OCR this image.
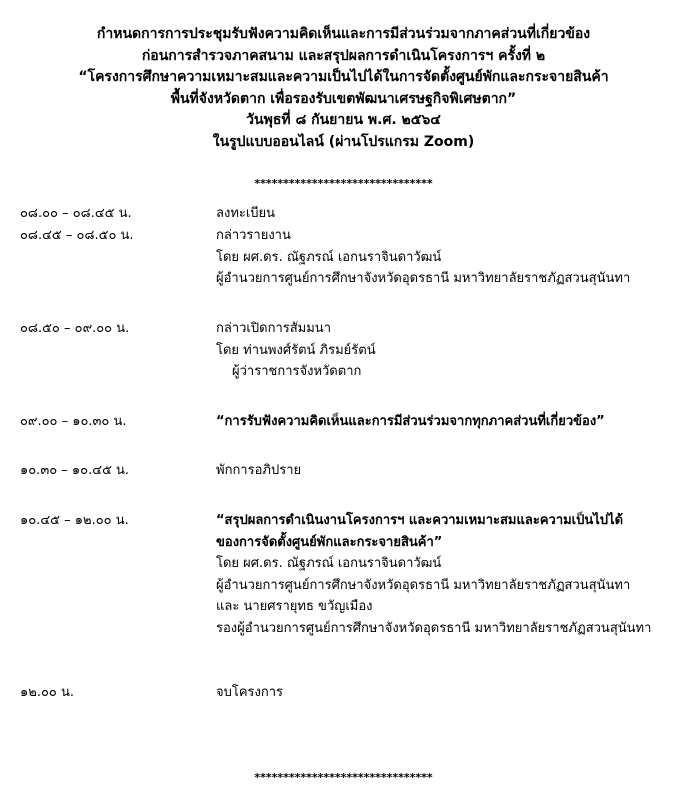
กำหนดการการประชุมรับฟังความคิดเห็นและการมีส่วนร่วมจากภาคส่วนที่เกี่ยวข้อง
ก่อนการสำรวจภาคสนาม และสรุปผลการดำเนินโครงการฯ ครั้งที่ ๒
“โครงการศึกษาความเหมาะสมและความเป็นไปได้ในการจัดตั้งศูนย์พักและกระจายสินค้า
พื้นที่จังหวัดตาก เพื่อรองรับเขตพัฒนาเศรษฐกิจพิเศษตาก”
วันพุธที่ ๘ กันยายน พ.ศ. ๒๕๖๔
ในรูปแบบออนไลน์ (ผ่านโปรแกรม Zoom)
*******************************
๐๘.๐๐ – ๐๘.๔๕ น.	ลงทะเบียน
๐๘.๔๕ – ๐๘.๕๐ น.	กล่าวรายงาน
โดย ผศ.ดร. ณัฐภรณ์ เอกนราจินดาวัฒน์
ผู้อำนวยการศูนย์การศึกษาจังหวัดอุดรธานี มหาวิทยาลัยราชภัฏสวนสุนันทา
๐๘.๕๐ – ๐๙.๐๐ น.	กล่าวเปิดการสัมมนา
โดย ท่านพงศ์รัตน์ ภิรมย์รัตน์
ผู้ว่าราชการจังหวัดตาก
๐๙.๐๐ – ๑๐.๓๐ น.	“การรับฟังความคิดเห็นและการมีส่วนร่วมจากทุกภาคส่วนที่เกี่ยวข้อง”
๑๐.๓๐ – ๑๐.๔๕ น.	พักการอภิปราย
๑๐.๔๕ – ๑๒.๐๐ น.	“สรุปผลการดำเนินงานโครงการฯ และความเหมาะสมและความเป็นไปได้
ของการจัดตั้งศูนย์พักและกระจายสินค้า”
โดย ผศ.ดร. ณัฐภรณ์ เอกนราจินดาวัฒน์
ผู้อำนวยการศูนย์การศึกษาจังหวัดอุดรธานี มหาวิทยาลัยราชภัฏสวนสุนันทา
และ นายศรายุทธ ขวัญเมือง
รองผู้อำนวยการศูนย์การศึกษาจังหวัดอุดรธานี มหาวิทยาลัยราชภัฏสวนสุนันทา
๑๒.๐๐ น.	จบโครงการ
*******************************
